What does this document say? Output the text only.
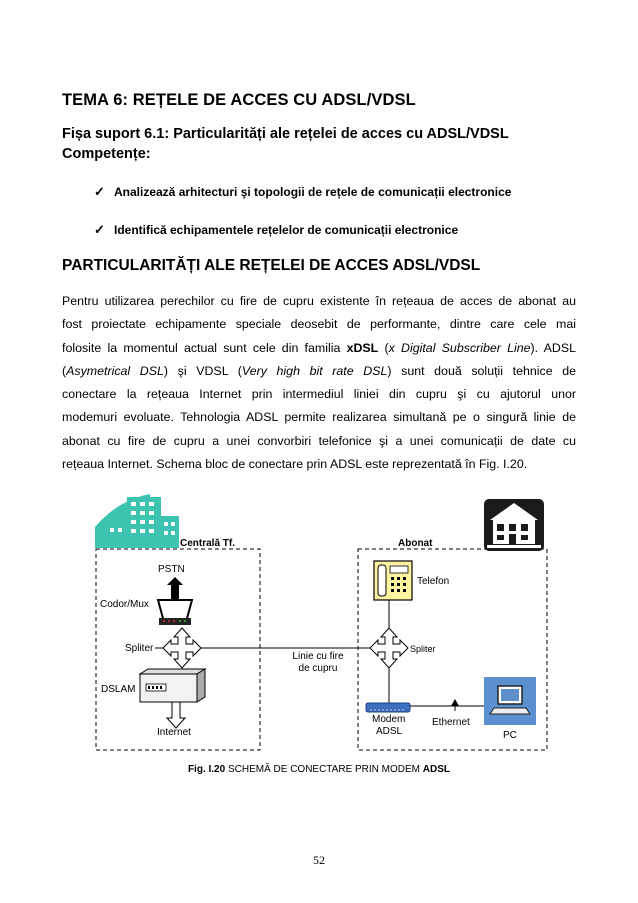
TEMA 6: REȚELE DE ACCES CU ADSL/VDSL
Fișa suport 6.1: Particularități ale rețelei de acces cu ADSL/VDSL
Competențe:
✓ Analizează arhitecturi şi topologii de rețele de comunicații electronice
✓ Identifică echipamentele rețelelor de comunicații electronice
PARTICULARITĂȚI ALE REȚELEI DE ACCES ADSL/VDSL
Pentru utilizarea perechilor cu fire de cupru existente în rețeaua de acces de abonat au
fost proiectate echipamente speciale deosebit de performante, dintre care cele mai
folosite la momentul actual sunt cele din familia xDSL (x Digital Subscriber Line). ADSL
(Asymetrical DSL) şi VDSL (Very high bit rate DSL) sunt două soluții tehnice de
conectare la rețeaua Internet prin intermediul liniei din cupru şi cu ajutorul unor
modemuri evoluate. Tehnologia ADSL permite realizarea simultană pe o singură linie de
abonat cu fire de cupru a unei convorbiri telefonice şi a unei comunicații de date cu
rețeaua Internet. Schema bloc de conectare prin ADSL este reprezentată în Fig. I.20.
Centrală Tf.	Abonat
PSTN
Codor/Mux
Spliter
DSLAM
Internet
Linie cu fire
de cupru
Telefon
Spliter
Modem
ADSL
Ethernet
PC
Fig. I.20 SCHEMĂ DE CONECTARE PRIN MODEM ADSL
52
